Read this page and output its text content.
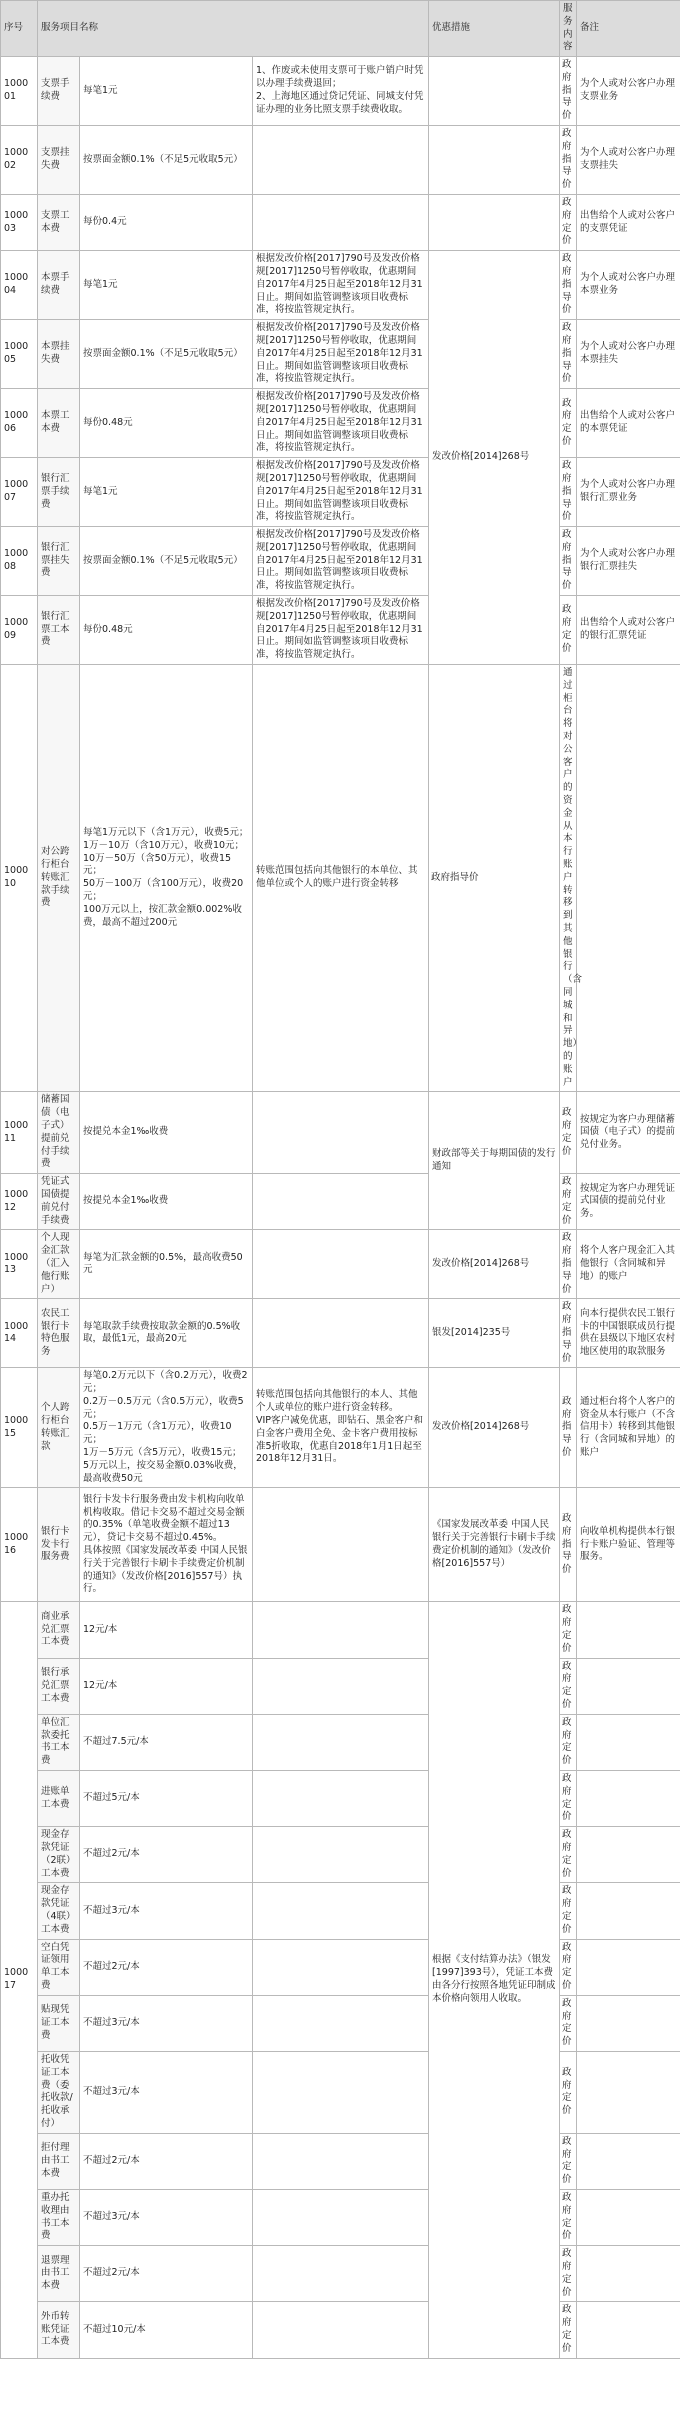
序号	服务项目名称			优惠措施	服务内容	备注
100001	支票手续费	每笔1元	1、作废或未使用支票可于账户销户时凭以办理手续费退回；
2、上海地区通过贷记凭证、同城支付凭证办理的业务比照支票手续费收取。		政府指导价	为个人或对公客户办理支票业务
100002	支票挂失费	按票面金额0.1%（不足5元收取5元）			政府指导价	为个人或对公客户办理支票挂失
100003	支票工本费	每份0.4元			政府定价	出售给个人或对公客户的支票凭证
100004	本票手续费	每笔1元	根据发改价格[2017]790号及发改价格规[2017]1250号暂停收取，优惠期间自2017年4月25日起至2018年12月31日止。期间如监管调整该项目收费标准，将按监管规定执行。	发改价格[2014]268号	政府指导价	为个人或对公客户办理本票业务
100005	本票挂失费	按票面金额0.1%（不足5元收取5元）	根据发改价格[2017]790号及发改价格规[2017]1250号暂停收取，优惠期间自2017年4月25日起至2018年12月31日止。期间如监管调整该项目收费标准，将按监管规定执行。		政府指导价	为个人或对公客户办理本票挂失
100006	本票工本费	每份0.48元	根据发改价格[2017]790号及发改价格规[2017]1250号暂停收取，优惠期间自2017年4月25日起至2018年12月31日止。期间如监管调整该项目收费标准，将按监管规定执行。		政府定价	出售给个人或对公客户的本票凭证
100007	银行汇票手续费	每笔1元	根据发改价格[2017]790号及发改价格规[2017]1250号暂停收取，优惠期间自2017年4月25日起至2018年12月31日止。期间如监管调整该项目收费标准，将按监管规定执行。		政府指导价	为个人或对公客户办理银行汇票业务
100008	银行汇票挂失费	按票面金额0.1%（不足5元收取5元）	根据发改价格[2017]790号及发改价格规[2017]1250号暂停收取，优惠期间自2017年4月25日起至2018年12月31日止。期间如监管调整该项目收费标准，将按监管规定执行。		政府指导价	为个人或对公客户办理银行汇票挂失
100009	银行汇票工本费	每份0.48元	根据发改价格[2017]790号及发改价格规[2017]1250号暂停收取，优惠期间自2017年4月25日起至2018年12月31日止。期间如监管调整该项目收费标准，将按监管规定执行。		政府定价	出售给个人或对公客户的银行汇票凭证
100010	对公跨行柜台转账汇款手续费	每笔1万元以下（含1万元），收费5元；
1万－10万（含10万元），收费10元；
10万－50万（含50万元），收费15元；
50万－100万（含100万元），收费20元；
100万元以上，按汇款金额0.002%收费，最高不超过200元	转账范围包括向其他银行的本单位、其他单位或个人的账户进行资金转移	政府指导价	通过柜台将对公客户的资金从本行账户转移到其他银行（含同城和异地）的账户	
100011	储蓄国债（电子式）提前兑付手续费	按提兑本金1‰收费		财政部等关于每期国债的发行通知	政府定价	按规定为客户办理储蓄国债（电子式）的提前兑付业务。
100012	凭证式国债提前兑付手续费	按提兑本金1‰收费			政府定价	按规定为客户办理凭证式国债的提前兑付业务。
100013	个人现金汇款（汇入他行账户）	每笔为汇款金额的0.5%，最高收费50元		发改价格[2014]268号	政府指导价	将个人客户现金汇入其他银行（含同城和异地）的账户
100014	农民工银行卡特色服务	每笔取款手续费按取款金额的0.5%收取，最低1元，最高20元		银发[2014]235号	政府指导价	向本行提供农民工银行卡的中国银联成员行提供在县级以下地区农村地区使用的取款服务
100015	个人跨行柜台转账汇款	每笔0.2万元以下（含0.2万元），收费2元；
0.2万－0.5万元（含0.5万元），收费5元；
0.5万－1万元（含1万元），收费10元；
1万－5万元（含5万元），收费15元；
5万元以上，按交易金额0.03%收费，最高收费50元	转账范围包括向其他银行的本人、其他个人或单位的账户进行资金转移。
VIP客户减免优惠，即钻石、黑金客户和白金客户费用全免、金卡客户费用按标准5折收取，优惠自2018年1月1日起至2018年12月31日。	发改价格[2014]268号	政府指导价	通过柜台将个人客户的资金从本行账户（不含信用卡）转移到其他银行（含同城和异地）的账户
100016	银行卡发卡行服务费	银行卡发卡行服务费由发卡机构向收单机构收取。借记卡交易不超过交易金额的0.35%（单笔收费金额不超过13元），贷记卡交易不超过0.45%。
具体按照《国家发展改革委 中国人民银行关于完善银行卡刷卡手续费定价机制的通知》（发改价格[2016]557号）执行。		《国家发展改革委 中国人民银行关于完善银行卡刷卡手续费定价机制的通知》（发改价格[2016]557号）	政府指导价	向收单机构提供本行银行卡账户验证、管理等服务。
100017	商业承兑汇票工本费	12元/本		根据《支付结算办法》（银发[1997]393号），凭证工本费由各分行按照各地凭证印制成本价格向领用人收取。	政府定价	
	银行承兑汇票工本费	12元/本			政府定价	
	单位汇款委托书工本费	不超过7.5元/本			政府定价	
	进账单工本费	不超过5元/本			政府定价	
	现金存款凭证（2联）工本费	不超过2元/本			政府定价	
	现金存款凭证（4联）工本费	不超过3元/本			政府定价	
	空白凭证领用单工本费	不超过2元/本			政府定价	
	贴现凭证工本费	不超过3元/本			政府定价	
	托收凭证工本费（委托收款/托收承付）	不超过3元/本			政府定价	
	拒付理由书工本费	不超过2元/本			政府定价	
	重办托收理由书工本费	不超过3元/本			政府定价	
	退票理由书工本费	不超过2元/本			政府定价	
	外币转账凭证工本费	不超过10元/本			政府定价	
